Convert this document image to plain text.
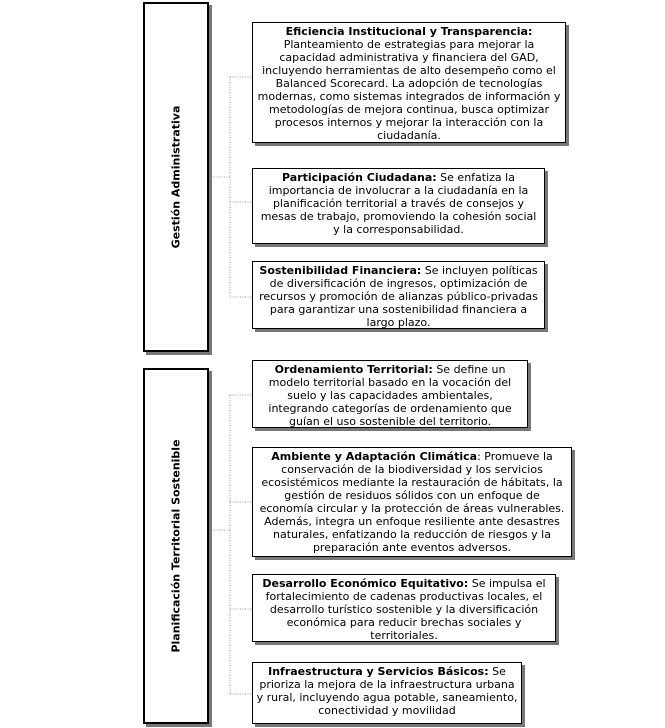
Gestión Administrativa
Eficiencia Institucional y Transparencia: Planteamiento de estrategias para mejorar la capacidad administrativa y financiera del GAD, incluyendo herramientas de alto desempeño como el Balanced Scorecard. La adopción de tecnologías modernas, como sistemas integrados de información y metodologías de mejora continua, busca optimizar procesos internos y mejorar la interacción con la ciudadanía.
Participación Ciudadana: Se enfatiza la importancia de involucrar a la ciudadanía en la planificación territorial a través de consejos y mesas de trabajo, promoviendo la cohesión social y la corresponsabilidad.
Sostenibilidad Financiera: Se incluyen políticas de diversificación de ingresos, optimización de recursos y promoción de alianzas público-privadas para garantizar una sostenibilidad financiera a largo plazo.
Planificación Territorial Sostenible
Ordenamiento Territorial: Se define un modelo territorial basado en la vocación del suelo y las capacidades ambientales, integrando categorías de ordenamiento que guían el uso sostenible del territorio.
Ambiente y Adaptación Climática: Promueve la conservación de la biodiversidad y los servicios ecosistémicos mediante la restauración de hábitats, la gestión de residuos sólidos con un enfoque de economía circular y la protección de áreas vulnerables. Además, integra un enfoque resiliente ante desastres naturales, enfatizando la reducción de riesgos y la preparación ante eventos adversos.
Desarrollo Económico Equitativo: Se impulsa el fortalecimiento de cadenas productivas locales, el desarrollo turístico sostenible y la diversificación económica para reducir brechas sociales y territoriales.
Infraestructura y Servicios Básicos: Se prioriza la mejora de la infraestructura urbana y rural, incluyendo agua potable, saneamiento, conectividad y movilidad
